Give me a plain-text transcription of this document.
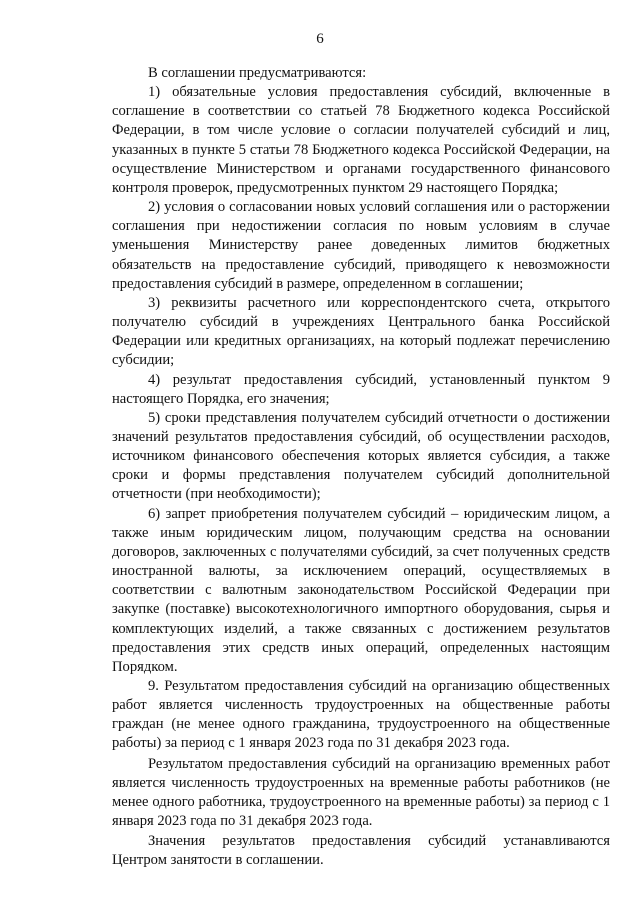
6

В соглашении предусматриваются:

1) обязательные условия предоставления субсидий, включенные в соглашение в соответствии со статьей 78 Бюджетного кодекса Российской Федерации, в том числе условие о согласии получателей субсидий и лиц, указанных в пункте 5 статьи 78 Бюджетного кодекса Российской Федерации, на осуществление Министерством и органами государственного финансового контроля проверок, предусмотренных пунктом 29 настоящего Порядка;

2) условия о согласовании новых условий соглашения или о расторжении соглашения при недостижении согласия по новым условиям в случае уменьшения Министерству ранее доведенных лимитов бюджетных обязательств на предоставление субсидий, приводящего к невозможности предоставления субсидий в размере, определенном в соглашении;

3) реквизиты расчетного или корреспондентского счета, открытого получателю субсидий в учреждениях Центрального банка Российской Федерации или кредитных организациях, на который подлежат перечислению субсидии;

4) результат предоставления субсидий, установленный пунктом 9 настоящего Порядка, его значения;

5) сроки представления получателем субсидий отчетности о достижении значений результатов предоставления субсидий, об осуществлении расходов, источником финансового обеспечения которых является субсидия, а также сроки и формы представления получателем субсидий дополнительной отчетности (при необходимости);

6) запрет приобретения получателем субсидий – юридическим лицом, а также иным юридическим лицом, получающим средства на основании договоров, заключенных с получателями субсидий, за счет полученных средств иностранной валюты, за исключением операций, осуществляемых в соответствии с валютным законодательством Российской Федерации при закупке (поставке) высокотехнологичного импортного оборудования, сырья и комплектующих изделий, а также связанных с достижением результатов предоставления этих средств иных операций, определенных настоящим Порядком.

9. Результатом предоставления субсидий на организацию общественных работ является численность трудоустроенных на общественные работы граждан (не менее одного гражданина, трудоустроенного на общественные работы) за период с 1 января 2023 года по 31 декабря 2023 года.

Результатом предоставления субсидий на организацию временных работ является численность трудоустроенных на временные работы работников (не менее одного работника, трудоустроенного на временные работы) за период с 1 января 2023 года по 31 декабря 2023 года.

Значения результатов предоставления субсидий устанавливаются Центром занятости в соглашении.
